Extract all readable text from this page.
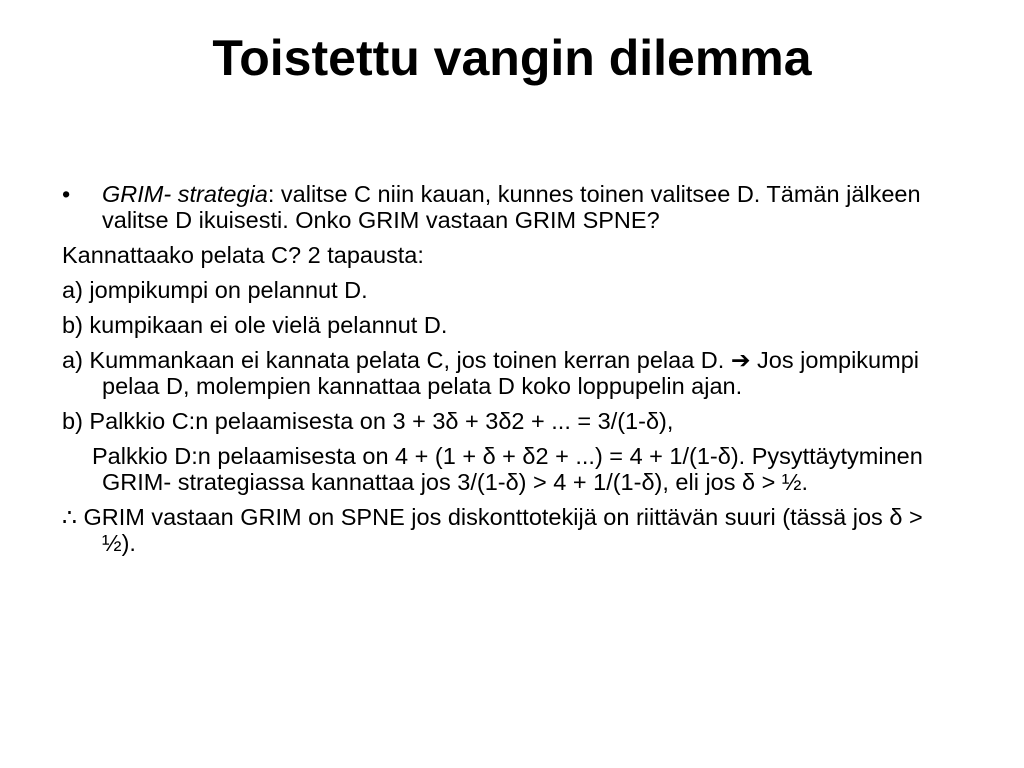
Toistettu vangin dilemma

• GRIM- strategia: valitse C niin kauan, kunnes toinen valitsee D. Tämän jälkeen valitse D ikuisesti. Onko GRIM vastaan GRIM SPNE?

Kannattaako pelata C? 2 tapausta:

a) jompikumpi on pelannut D.

b) kumpikaan ei ole vielä pelannut D.

a) Kummankaan ei kannata pelata C, jos toinen kerran pelaa D. ➔ Jos jompikumpi pelaa D, molempien kannattaa pelata D koko loppupelin ajan.

b) Palkkio C:n pelaamisesta on 3 + 3δ + 3δ2 + ... = 3/(1-δ),

Palkkio D:n pelaamisesta on 4 + (1 + δ + δ2 + ...) = 4 + 1/(1-δ). Pysyttäytyminen GRIM- strategiassa kannattaa jos 3/(1-δ) > 4 + 1/(1-δ), eli jos δ > ½.

∴ GRIM vastaan GRIM on SPNE jos diskonttotekijä on riittävän suuri (tässä jos δ > ½).
